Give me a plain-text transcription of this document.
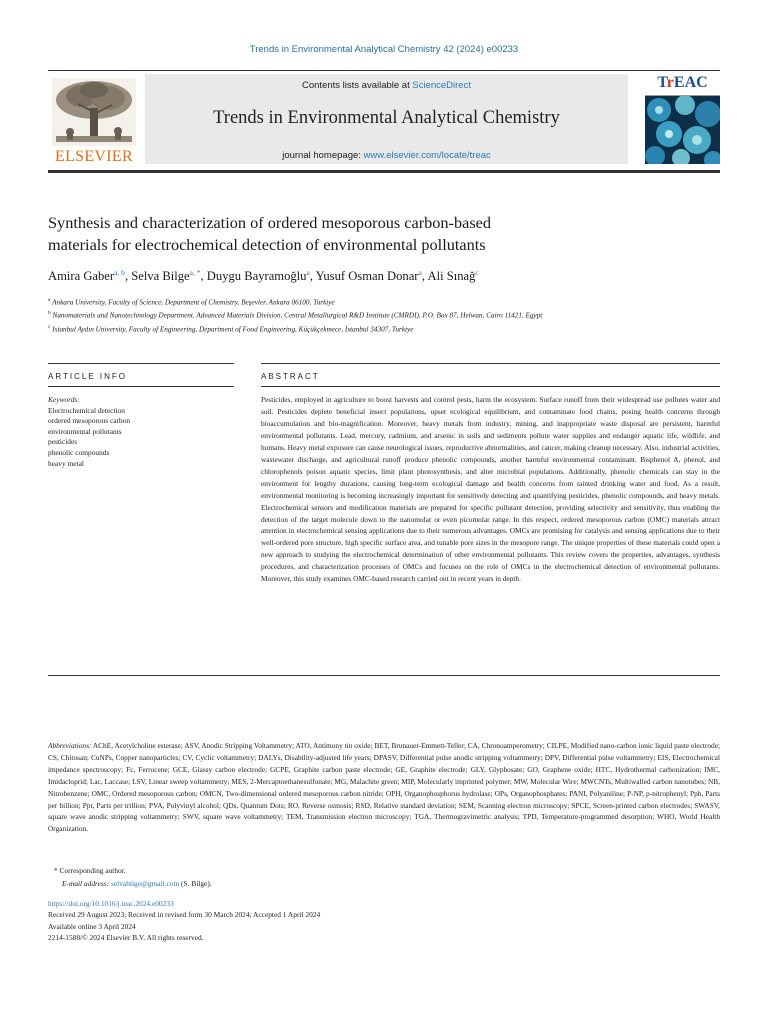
Trends in Environmental Analytical Chemistry 42 (2024) e00233
ELSEVIER
Contents lists available at ScienceDirect
Trends in Environmental Analytical Chemistry
journal homepage: www.elsevier.com/locate/treac
TrEAC
Synthesis and characterization of ordered mesoporous carbon-based
materials for electrochemical detection of environmental pollutants
Amira Gaber$^{a, b}$, Selva Bilge$^{a, *}$, Duygu Bayramoğlu$^a$, Yusuf Osman Donar$^a$, Ali Sınağ$^c$
$^a$ Ankara University, Faculty of Science, Department of Chemistry, Beşevler, Ankara 06100, Turkiye
$^b$ Nanomaterials and Nanotechnology Department, Advanced Materials Division, Central Metallurgical R&D Institute (CMRDI), P.O. Box 87, Helwan, Cairo 11421, Egypt
$^c$ Istanbul Aydın University, Faculty of Engineering, Department of Food Engineering, Küçükçekmece, İstanbul 34307, Turkiye
ARTICLE INFO	ABSTRACT
Keywords:
Electrochemical detection
ordered mesoporous carbon
environmental pollutants
pesticides
phenolic compounds
heavy metal
Pesticides, employed in agriculture to boost harvests and control pests, harm the ecosystem. Surface runoff from their widespread use pollutes water and soil. Pesticides deplete beneficial insect populations, upset ecological equilibrium, and contaminate food chains, posing health concerns through bioaccumulation and bio-magnification. Moreover, heavy metals from industry, mining, and inappropriate waste disposal are persistent, harmful environmental pollutants. Lead, mercury, cadmium, and arsenic in soils and sediments pollute water supplies and endanger aquatic life, wildlife, and humans. Heavy metal exposure can cause neurological issues, reproductive abnormalities, and cancer, making cleanup necessary. Also, industrial activities, wastewater discharge, and agricultural runoff produce phenolic compounds, another harmful environmental contaminant. Bisphenol A, phenol, and chlorophenols poison aquatic species, limit plant photosynthesis, and alter microbial populations. Additionally, phenolic chemicals can stay in the environment for lengthy durations, causing long-term ecological damage and health concerns from tainted drinking water and food. As a result, environmental monitoring is becoming increasingly important for sensitively detecting and quantifying pesticides, phenolic compounds, and heavy metals. Electrochemical sensors and modification materials are prepared for specific pollutant detection, providing selectivity and sensitivity, thus enabling the detection of the target molecule down to the nanomolar or even picomolar range. In this respect, ordered mesoporous carbon (OMC) materials attract attention in electrochemical sensing applications due to their numerous advantages. OMCs are promising for catalysis and sensing applications due to their well-ordered pore structure, high specific surface area, and tunable pore sizes in the mesopore range. The unique properties of these materials could open a new approach to studying the electrochemical determination of other environmental pollutants. This review covers the properties, advantages, synthesis procedures, and characterization processes of OMCs and focuses on the role of OMCs in the electrochemical detection of environmental pollutants. Moreover, this study examines OMC-based research carried out in recent years in depth.
Abbreviations: AChE, Acetylcholine esterase; ASV, Anodic Stripping Voltammetry; ATO, Antimony tin oxide; BET, Brunauer-Emmett-Teller; CA, Chronoamperometry; CILPE, Modified nano-carbon ionic liquid paste electrode; CS, Chitosan; CuNPs, Copper nanoparticles; CV, Cyclic voltammetry; DALYs, Disability-adjusted life years; DPASV, Differential pulse anodic stripping voltammetry; DPV, Differential pulse voltammetry; EIS, Electrochemical impedance spectroscopy; Fc, Ferrocene; GCE, Glassy carbon electrode; GCPE, Graphite carbon paste electrode; GE, Graphite electrode; GLY, Glyphosate; GO, Graphene oxide; HTC, Hydrothermal carbonization; IMC, Imidacloprid; Lac, Laccase; LSV, Linear sweep voltammetry; MES, 2-Mercaptoethanesulfonate; MG, Malachite green; MIP, Molecularly imprinted polymer; MW, Molecular Wire; MWCNTs, Multiwalled carbon nanotubes; NB, Nitrobenzene; OMC, Ordered mesoporous carbon; OMCN, Two-dimensional ordered mesoporous carbon nitride; OPH, Organophosphorus hydrolase; OPs, Organophosphates; PANI, Polyaniline; P-NP, p-nitrophenyl; Ppb, Parts per billion; Ppt, Parts per trillion; PVA, Polyvinyl alcohol; QDs, Quantum Dots; RO, Reverse osmosis; RSD, Relative standard deviation; SEM, Scanning electron microscopy; SPCE, Screen-printed carbon electrodes; SWASV, square wave anodic stripping voltammetry; SWV, square wave voltammetry; TEM, Transmission electron microscopy; TGA, Thermogravimetric analysis; TPD, Temperature-programmed desorption; WHO, World Health Organization.
* Corresponding author.
E-mail address: selvabilge@gmail.com (S. Bilge).
https://doi.org/10.1016/j.teac.2024.e00233
Received 29 August 2023; Received in revised form 30 March 2024; Accepted 1 April 2024
Available online 3 April 2024
2214-1588/© 2024 Elsevier B.V. All rights reserved.
